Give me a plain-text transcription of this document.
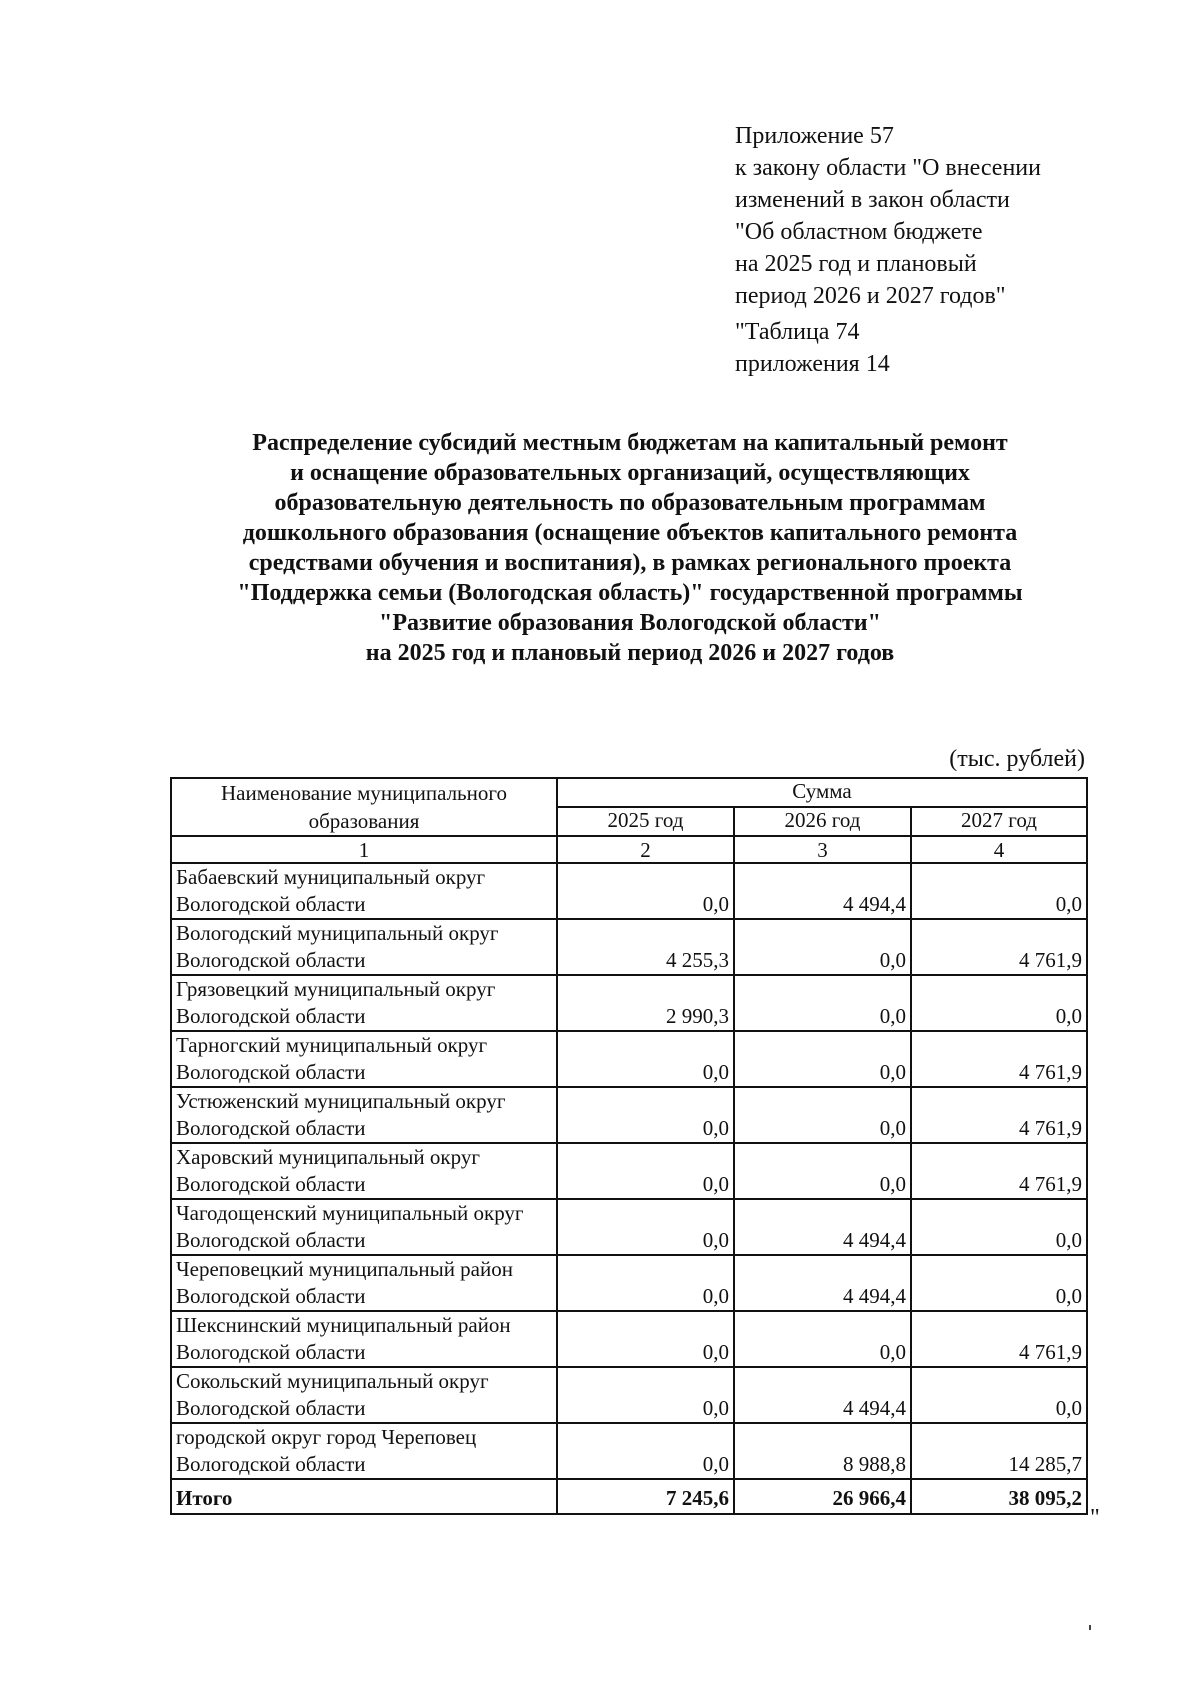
Приложение 57
к закону области "О внесении
изменений в закон области
"Об областном бюджете
на 2025 год и плановый
период 2026 и 2027 годов"
"Таблица 74
приложения 14
Распределение субсидий местным бюджетам на капитальный ремонт
и оснащение образовательных организаций, осуществляющих
образовательную деятельность по образовательным программам
дошкольного образования (оснащение объектов капитального ремонта
средствами обучения и воспитания), в рамках регионального проекта
"Поддержка семьи (Вологодская область)" государственной программы
"Развитие образования Вологодской области"
на 2025 год и плановый период 2026 и 2027 годов
(тыс. рублей)
Наименование муниципального
образования	Сумма		
	2025 год	2026 год	2027 год
1	2	3	4

Бабаевский муниципальный округ
Вологодской области	0,0	4 494,4	0,0

Вологодский муниципальный округ
Вологодской области	4 255,3	0,0	4 761,9

Грязовецкий муниципальный округ
Вологодской области	2 990,3	0,0	0,0

Тарногский муниципальный округ
Вологодской области	0,0	0,0	4 761,9

Устюженский муниципальный округ
Вологодской области	0,0	0,0	4 761,9

Харовский муниципальный округ
Вологодской области	0,0	0,0	4 761,9

Чагодощенский муниципальный округ
Вологодской области	0,0	4 494,4	0,0

Череповецкий муниципальный район
Вологодской области	0,0	4 494,4	0,0

Шекснинский муниципальный район
Вологодской области	0,0	0,0	4 761,9

Сокольский муниципальный округ
Вологодской области	0,0	4 494,4	0,0

городской округ город Череповец
Вологодской области	0,0	8 988,8	14 285,7
Итого	7 245,6	26 966,4	38 095,2
"
